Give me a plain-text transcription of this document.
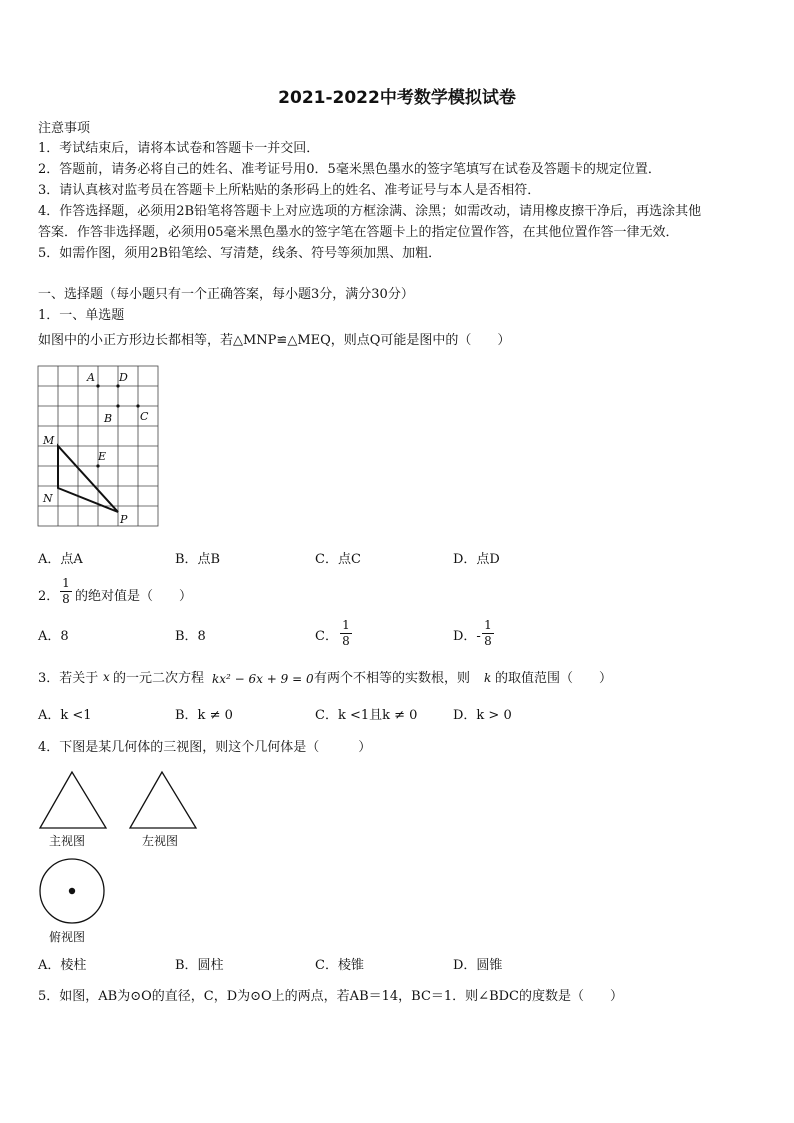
2021-2022中考数学模拟试卷
注意事项
1．考试结束后，请将本试卷和答题卡一并交回．
2．答题前，请务必将自己的姓名、准考证号用0．5毫米黑色墨水的签字笔填写在试卷及答题卡的规定位置．
3．请认真核对监考员在答题卡上所粘贴的条形码上的姓名、准考证号与本人是否相符．
4．作答选择题，必须用2B铅笔将答题卡上对应选项的方框涂满、涂黑；如需改动，请用橡皮擦干净后，再选涂其他
答案．作答非选择题，必须用05毫米黑色墨水的签字笔在答题卡上的指定位置作答，在其他位置作答一律无效．
5．如需作图，须用2B铅笔绘、写清楚，线条、符号等须加黑、加粗．
一、选择题（每小题只有一个正确答案，每小题3分，满分30分）
1．一、单选题
如图中的小正方形边长都相等，若△MNP≌△MEQ，则点Q可能是图中的（　　）
A D
B	C
M
E
N
P
A．点A	B．点B	C．点C	D．点D
2．
1
8 的绝对值是（　　）
A．8	B．8	C．
1
8	D．-
1
8
3．若关于 x 的一元二次方程 kx² − 6x + 9 = 0 有两个不相等的实数根，则 k 的取值范围（　　）
A．k <1	B．k ≠ 0	C．k <1且k ≠ 0	D．k > 0
4．下图是某几何体的三视图，则这个几何体是（　　　）
主视图	左视图
俯视图
A．棱柱	B．圆柱	C．棱锥	D．圆锥
5．如图，AB为⊙O的直径，C，D为⊙O上的两点，若AB＝14，BC＝1．则∠BDC的度数是（　　）
